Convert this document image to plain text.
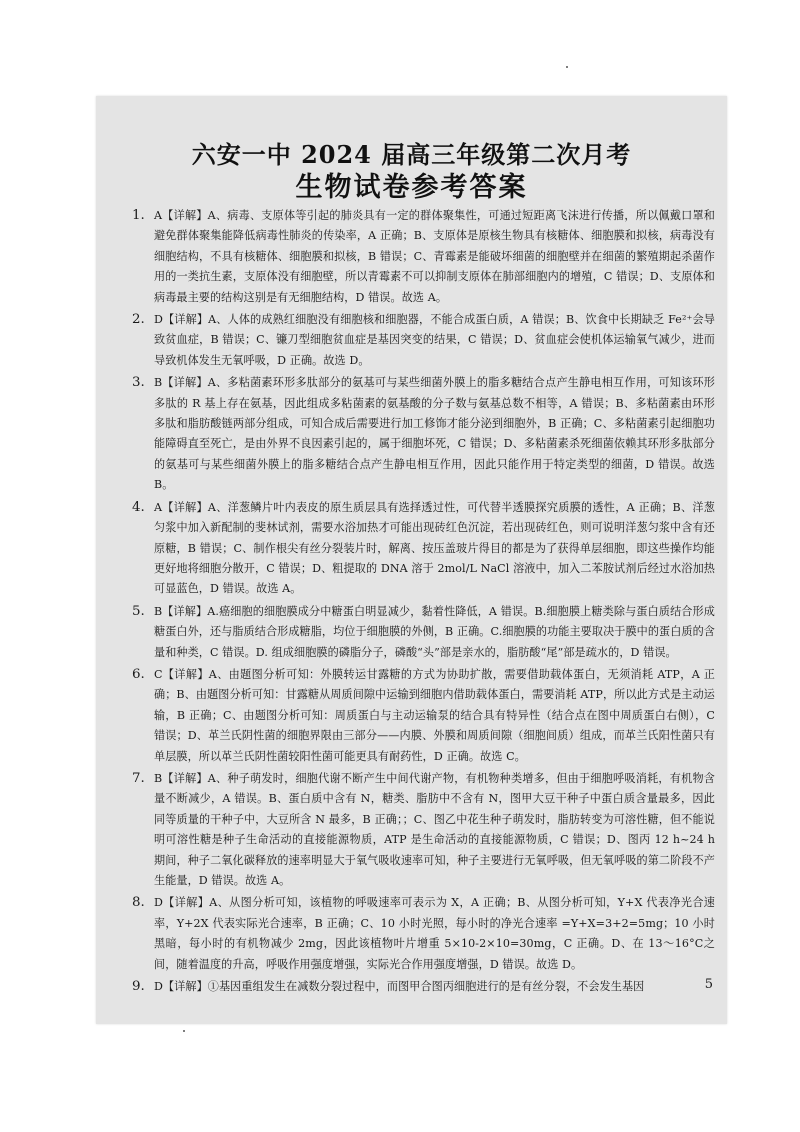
六安一中 2024 届高三年级第二次月考
生物试卷参考答案
1. A【详解】A、病毒、支原体等引起的肺炎具有一定的群体聚集性，可通过短距离飞沫进行传播，所以佩戴口罩和避免群体聚集能降低病毒性肺炎的传染率，A 正确；B、支原体是原核生物具有核糖体、细胞膜和拟核，病毒没有细胞结构，不具有核糖体、细胞膜和拟核，B 错误；C、青霉素是能破坏细菌的细胞壁并在细菌的繁殖期起杀菌作用的一类抗生素，支原体没有细胞壁，所以青霉素不可以抑制支原体在肺部细胞内的增殖，C 错误；D、支原体和病毒最主要的结构这别是有无细胞结构，D 错误。故选 A。
2. D【详解】A、人体的成熟红细胞没有细胞核和细胞器，不能合成蛋白质，A 错误；B、饮食中长期缺乏 Fe²⁺会导致贫血症，B 错误；C、镰刀型细胞贫血症是基因突变的结果，C 错误；D、贫血症会使机体运输氧气减少，进而导致机体发生无氧呼吸，D 正确。故选 D。
3. B【详解】A、多粘菌素环形多肽部分的氨基可与某些细菌外膜上的脂多糖结合点产生静电相互作用，可知该环形多肽的 R 基上存在氨基，因此组成多粘菌素的氨基酸的分子数与氨基总数不相等，A 错误；B、多粘菌素由环形多肽和脂肪酸链两部分组成，可知合成后需要进行加工修饰才能分泌到细胞外，B 正确；C、多粘菌素引起细胞功能障碍直至死亡，是由外界不良因素引起的，属于细胞坏死，C 错误；D、多粘菌素杀死细菌依赖其环形多肽部分的氨基可与某些细菌外膜上的脂多糖结合点产生静电相互作用，因此只能作用于特定类型的细菌，D 错误。故选 B。
4. A【详解】A、洋葱鳞片叶内表皮的原生质层具有选择透过性，可代替半透膜探究质膜的透性，A 正确；B、洋葱匀浆中加入新配制的斐林试剂，需要水浴加热才可能出现砖红色沉淀，若出现砖红色，则可说明洋葱匀浆中含有还原糖，B 错误；C、制作根尖有丝分裂装片时，解离、按压盖玻片得目的都是为了获得单层细胞，即这些操作均能更好地将细胞分散开，C 错误；D、粗提取的 DNA 溶于 2mol/L NaCl 溶液中，加入二苯胺试剂后经过水浴加热可显蓝色，D 错误。故选 A。
5. B【详解】A.癌细胞的细胞膜成分中糖蛋白明显减少，黏着性降低，A 错误。B.细胞膜上糖类除与蛋白质结合形成糖蛋白外，还与脂质结合形成糖脂，均位于细胞膜的外侧，B 正确。C.细胞膜的功能主要取决于膜中的蛋白质的含量和种类，C 错误。D. 组成细胞膜的磷脂分子，磷酸“头”部是亲水的，脂肪酸“尾”部是疏水的，D 错误。
6. C【详解】A、由题图分析可知：外膜转运甘露糖的方式为协助扩散，需要借助载体蛋白，无须消耗 ATP，A 正确；B、由题图分析可知：甘露糖从周质间隙中运输到细胞内借助载体蛋白，需要消耗 ATP，所以此方式是主动运输，B 正确；C、由题图分析可知：周质蛋白与主动运输泵的结合具有特异性（结合点在图中周质蛋白右侧），C 错误；D、革兰氏阴性菌的细胞界限由三部分——内膜、外膜和周质间隙（细胞间质）组成，而革兰氏阳性菌只有单层膜，所以革兰氏阴性菌较阳性菌可能更具有耐药性，D 正确。故选 C。
7. B【详解】A、种子萌发时，细胞代谢不断产生中间代谢产物，有机物种类增多，但由于细胞呼吸消耗，有机物含量不断减少，A 错误。B、蛋白质中含有 N，糖类、脂肪中不含有 N，图甲大豆干种子中蛋白质含量最多，因此同等质量的干种子中，大豆所含 N 最多，B 正确；；C、图乙中花生种子萌发时，脂肪转变为可溶性糖，但不能说明可溶性糖是种子生命活动的直接能源物质，ATP 是生命活动的直接能源物质，C 错误；D、图丙 12 h~24 h 期间，种子二氧化碳释放的速率明显大于氧气吸收速率可知，种子主要进行无氧呼吸，但无氧呼吸的第二阶段不产生能量，D 错误。故选 A。
8. D【详解】A、从图分析可知，该植物的呼吸速率可表示为 X，A 正确；B、从图分析可知，Y+X 代表净光合速率，Y+2X 代表实际光合速率，B 正确；C、10 小时光照，每小时的净光合速率 =Y+X=3+2=5mg；10 小时黑暗，每小时的有机物减少 2mg，因此该植物叶片增重 5×10-2×10=30mg，C 正确。D、在 13～16°C之间，随着温度的升高，呼吸作用强度增强，实际光合作用强度增强，D 错误。故选 D。
9. D【详解】①基因重组发生在减数分裂过程中，而图甲合图丙细胞进行的是有丝分裂，不会发生基因	5
